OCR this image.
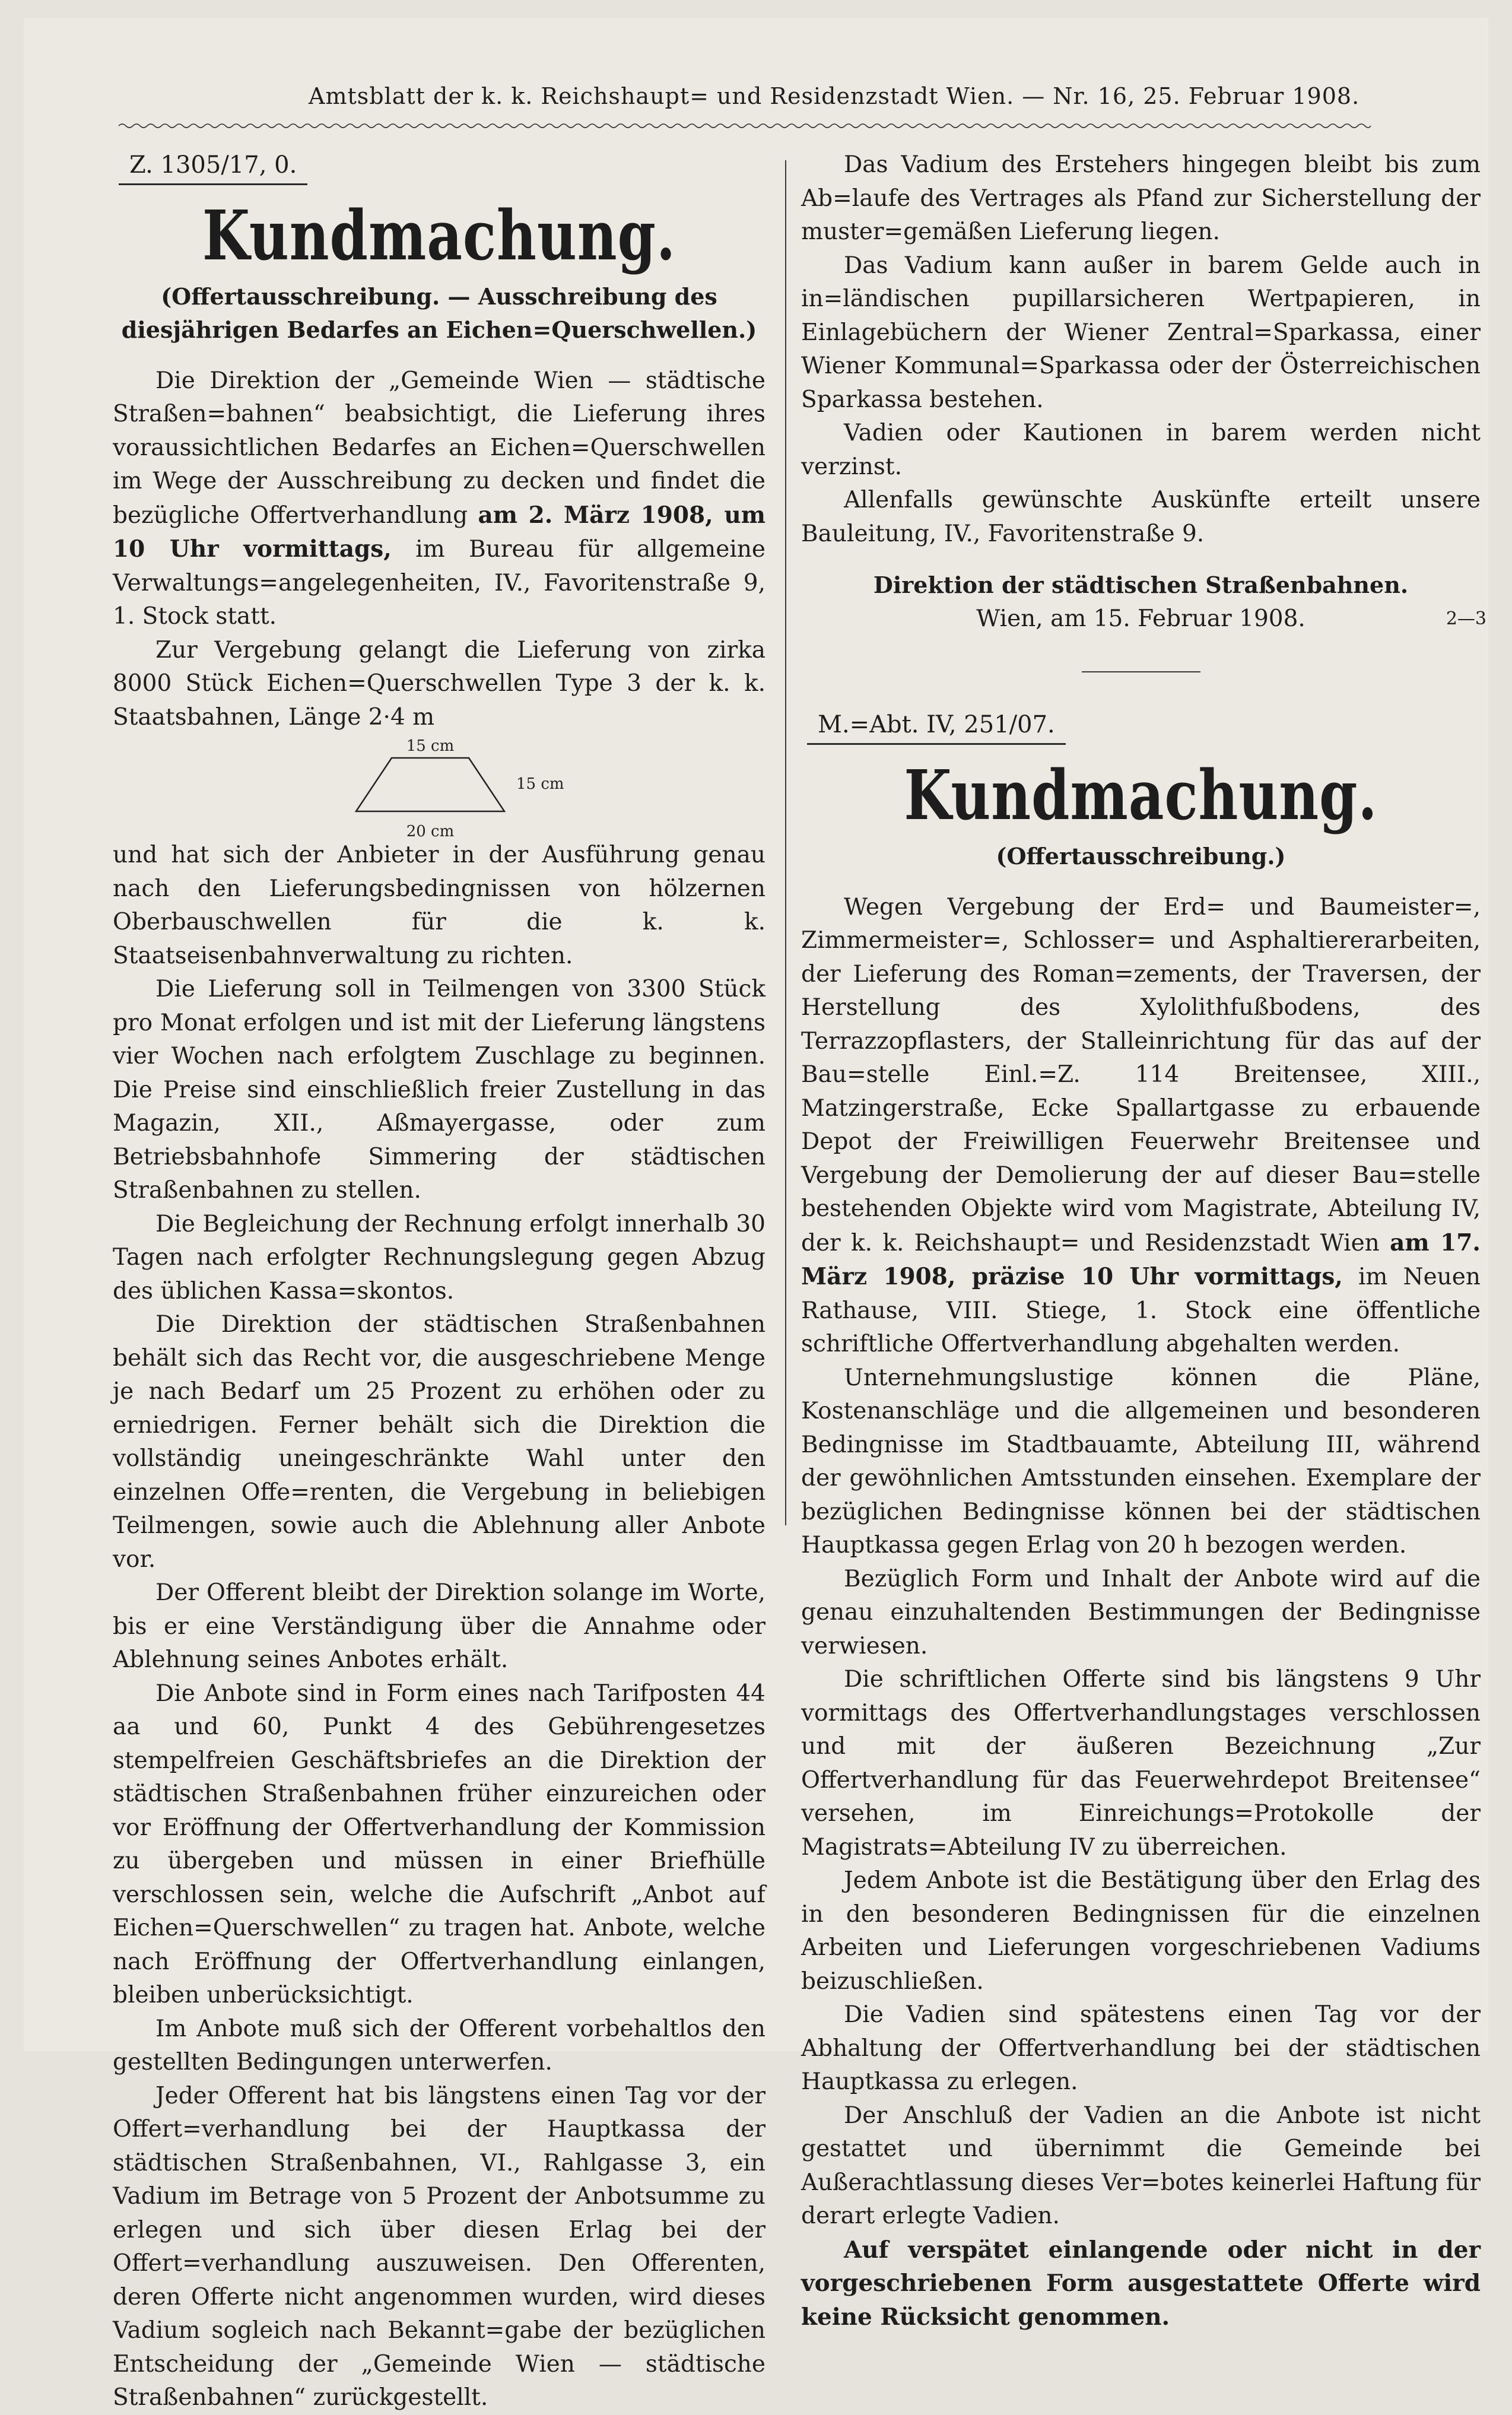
Amtsblatt der k. k. Reichshaupt= und Residenzstadt Wien. — Nr. 16, 25. Februar 1908.
Z. 1305/17, 0.
Kundmachung.

(Offertausschreibung. — Ausschreibung des diesjährigen Bedarfes an Eichen=Querschwellen.)

Die Direktion der „Gemeinde Wien — städtische Straßen=bahnen“ beabsichtigt, die Lieferung ihres voraussichtlichen Bedarfes an Eichen=Querschwellen im Wege der Ausschreibung zu decken und findet die bezügliche Offertverhandlung am 2. März 1908, um 10 Uhr vormittags, im Bureau für allgemeine Verwaltungs=angelegenheiten, IV., Favoritenstraße 9, 1. Stock statt.

Zur Vergebung gelangt die Lieferung von zirka 8000 Stück Eichen=Querschwellen Type 3 der k. k. Staatsbahnen, Länge 2·4 m

15 cm
15 cm
20 cm

und hat sich der Anbieter in der Ausführung genau nach den Lieferungsbedingnissen von hölzernen Oberbauschwellen für die k. k. Staatseisenbahnverwaltung zu richten.

Die Lieferung soll in Teilmengen von 3300 Stück pro Monat erfolgen und ist mit der Lieferung längstens vier Wochen nach erfolgtem Zuschlage zu beginnen. Die Preise sind einschließlich freier Zustellung in das Magazin, XII., Aßmayergasse, oder zum Betriebsbahnhofe Simmering der städtischen Straßenbahnen zu stellen.

Die Begleichung der Rechnung erfolgt innerhalb 30 Tagen nach erfolgter Rechnungslegung gegen Abzug des üblichen Kassa=skontos.

Die Direktion der städtischen Straßenbahnen behält sich das Recht vor, die ausgeschriebene Menge je nach Bedarf um 25 Prozent zu erhöhen oder zu erniedrigen. Ferner behält sich die Direktion die vollständig uneingeschränkte Wahl unter den einzelnen Offe=renten, die Vergebung in beliebigen Teilmengen, sowie auch die Ablehnung aller Anbote vor.

Der Offerent bleibt der Direktion solange im Worte, bis er eine Verständigung über die Annahme oder Ablehnung seines Anbotes erhält.

Die Anbote sind in Form eines nach Tarifposten 44 aa und 60, Punkt 4 des Gebührengesetzes stempelfreien Geschäftsbriefes an die Direktion der städtischen Straßenbahnen früher einzureichen oder vor Eröffnung der Offertverhandlung der Kommission zu übergeben und müssen in einer Briefhülle verschlossen sein, welche die Aufschrift „Anbot auf Eichen=Querschwellen“ zu tragen hat. Anbote, welche nach Eröffnung der Offertverhandlung einlangen, bleiben unberücksichtigt.

Im Anbote muß sich der Offerent vorbehaltlos den gestellten Bedingungen unterwerfen.

Jeder Offerent hat bis längstens einen Tag vor der Offert=verhandlung bei der Hauptkassa der städtischen Straßenbahnen, VI., Rahlgasse 3, ein Vadium im Betrage von 5 Prozent der Anbotsumme zu erlegen und sich über diesen Erlag bei der Offert=verhandlung auszuweisen. Den Offerenten, deren Offerte nicht angenommen wurden, wird dieses Vadium sogleich nach Bekannt=gabe der bezüglichen Entscheidung der „Gemeinde Wien — städtische Straßenbahnen“ zurückgestellt.

Das Vadium des Erstehers hingegen bleibt bis zum Ab=laufe des Vertrages als Pfand zur Sicherstellung der muster=gemäßen Lieferung liegen.

Das Vadium kann außer in barem Gelde auch in in=ländischen pupillarsicheren Wertpapieren, in Einlagebüchern der Wiener Zentral=Sparkassa, einer Wiener Kommunal=Sparkassa oder der Österreichischen Sparkassa bestehen.

Vadien oder Kautionen in barem werden nicht verzinst.

Allenfalls gewünschte Auskünfte erteilt unsere Bauleitung, IV., Favoritenstraße 9.

Direktion der städtischen Straßenbahnen.

Wien, am 15. Februar 1908.	2—3
M.=Abt. IV, 251/07.
Kundmachung.

(Offertausschreibung.)

Wegen Vergebung der Erd= und Baumeister=, Zimmermeister=, Schlosser= und Asphaltiererarbeiten, der Lieferung des Roman=zements, der Traversen, der Herstellung des Xylolithfußbodens, des Terrazzopflasters, der Stalleinrichtung für das auf der Bau=stelle Einl.=Z. 114 Breitensee, XIII., Matzingerstraße, Ecke Spallartgasse zu erbauende Depot der Freiwilligen Feuerwehr Breitensee und Vergebung der Demolierung der auf dieser Bau=stelle bestehenden Objekte wird vom Magistrate, Abteilung IV, der k. k. Reichshaupt= und Residenzstadt Wien am 17. März 1908, präzise 10 Uhr vormittags, im Neuen Rathause, VIII. Stiege, 1. Stock eine öffentliche schriftliche Offertverhandlung abgehalten werden.

Unternehmungslustige können die Pläne, Kostenanschläge und die allgemeinen und besonderen Bedingnisse im Stadtbauamte, Abteilung III, während der gewöhnlichen Amtsstunden einsehen. Exemplare der bezüglichen Bedingnisse können bei der städtischen Hauptkassa gegen Erlag von 20 h bezogen werden.

Bezüglich Form und Inhalt der Anbote wird auf die genau einzuhaltenden Bestimmungen der Bedingnisse verwiesen.

Die schriftlichen Offerte sind bis längstens 9 Uhr vormittags des Offertverhandlungstages verschlossen und mit der äußeren Bezeichnung „Zur Offertverhandlung für das Feuerwehrdepot Breitensee“ versehen, im Einreichungs=Protokolle der Magistrats=Abteilung IV zu überreichen.

Jedem Anbote ist die Bestätigung über den Erlag des in den besonderen Bedingnissen für die einzelnen Arbeiten und Lieferungen vorgeschriebenen Vadiums beizuschließen.

Die Vadien sind spätestens einen Tag vor der Abhaltung der Offertverhandlung bei der städtischen Hauptkassa zu erlegen.

Der Anschluß der Vadien an die Anbote ist nicht gestattet und übernimmt die Gemeinde bei Außerachtlassung dieses Ver=botes keinerlei Haftung für derart erlegte Vadien.

Auf verspätet einlangende oder nicht in der vorgeschriebenen Form ausgestattete Offerte wird keine Rücksicht genommen.
